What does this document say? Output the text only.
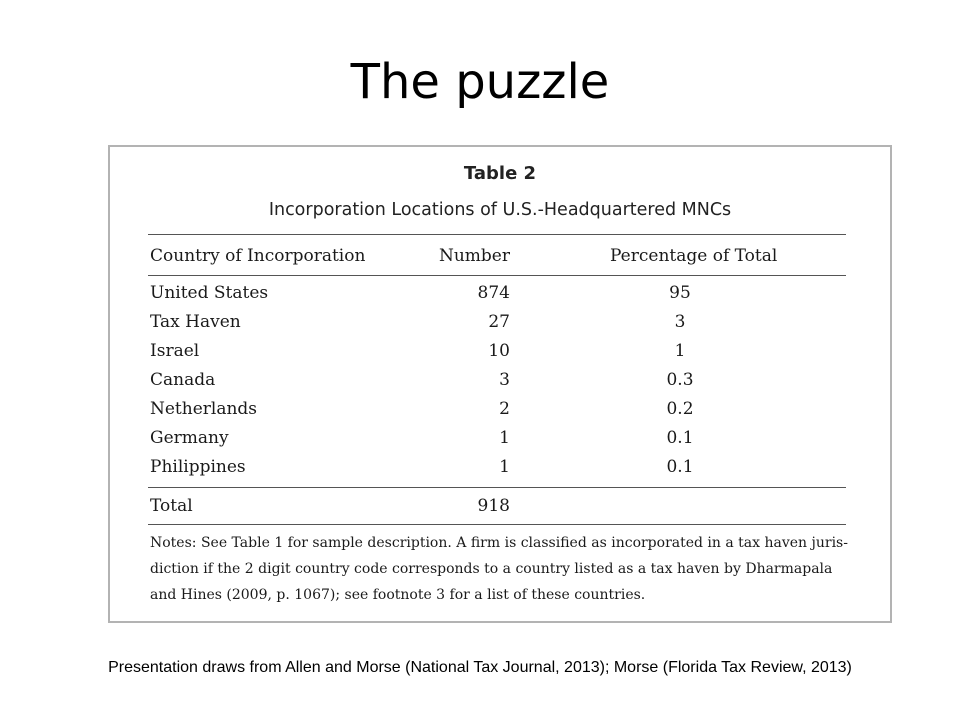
The puzzle
Table 2
Incorporation Locations of U.S.-Headquartered MNCs
Country of Incorporation	Number	Percentage of Total
United States	874	95
Tax Haven	27	3
Israel	10	1
Canada	3	0.3
Netherlands	2	0.2
Germany	1	0.1
Philippines	1	0.1
Total	918
Notes: See Table 1 for sample description. A firm is classified as incorporated in a tax haven juris-
diction if the 2 digit country code corresponds to a country listed as a tax haven by Dharmapala
and Hines (2009, p. 1067); see footnote 3 for a list of these countries.
Presentation draws from Allen and Morse (National Tax Journal, 2013); Morse (Florida Tax Review, 2013)
